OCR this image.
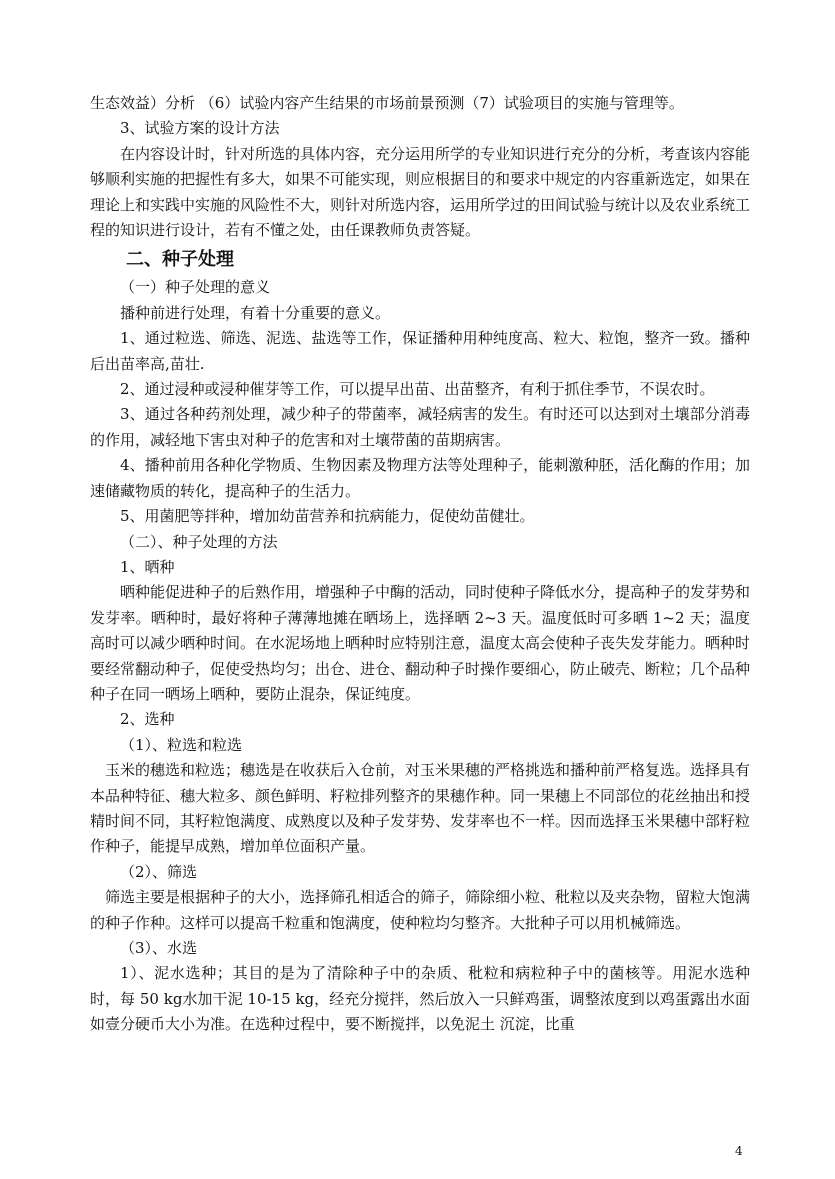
生态效益）分析 （6）试验内容产生结果的市场前景预测（7）试验项目的实施与管理等。

3、试验方案的设计方法

在内容设计时，针对所选的具体内容，充分运用所学的专业知识进行充分的分析，考查该内容能够顺利实施的把握性有多大，如果不可能实现，则应根据目的和要求中规定的内容重新选定，如果在理论上和实践中实施的风险性不大，则针对所选内容，运用所学过的田间试验与统计以及农业系统工程的知识进行设计，若有不懂之处，由任课教师负责答疑。

二、种子处理

（一）种子处理的意义

播种前进行处理，有着十分重要的意义。

1、通过粒选、筛选、泥选、盐选等工作，保证播种用种纯度高、粒大、粒饱，整齐一致。播种后出苗率高,苗壮.

2、通过浸种或浸种催芽等工作，可以提早出苗、出苗整齐，有利于抓住季节，不误农时。

3、通过各种药剂处理，减少种子的带菌率，减轻病害的发生。有时还可以达到对土壤部分消毒的作用，减轻地下害虫对种子的危害和对土壤带菌的苗期病害。

4、播种前用各种化学物质、生物因素及物理方法等处理种子，能刺激种胚，活化酶的作用；加速储藏物质的转化，提高种子的生活力。

5、用菌肥等拌种，增加幼苗营养和抗病能力，促使幼苗健壮。

（二）、种子处理的方法

1、晒种

晒种能促进种子的后熟作用，增强种子中酶的活动，同时使种子降低水分，提高种子的发芽势和发芽率。晒种时，最好将种子薄薄地摊在晒场上，选择晒 2~3 天。温度低时可多晒 1~2 天；温度高时可以减少晒种时间。在水泥场地上晒种时应特别注意，温度太高会使种子丧失发芽能力。晒种时要经常翻动种子，促使受热均匀；出仓、进仓、翻动种子时操作要细心，防止破壳、断粒；几个品种种子在同一晒场上晒种，要防止混杂，保证纯度。

2、选种

（1）、粒选和粒选

玉米的穗选和粒选；穗选是在收获后入仓前，对玉米果穗的严格挑选和播种前严格复选。选择具有本品种特征、穗大粒多、颜色鲜明、籽粒排列整齐的果穗作种。同一果穗上不同部位的花丝抽出和授精时间不同，其籽粒饱满度、成熟度以及种子发芽势、发芽率也不一样。因而选择玉米果穗中部籽粒作种子，能提早成熟，增加单位面积产量。

（2）、筛选

筛选主要是根据种子的大小，选择筛孔相适合的筛子，筛除细小粒、秕粒以及夹杂物，留粒大饱满的种子作种。这样可以提高千粒重和饱满度，使种粒均匀整齐。大批种子可以用机械筛选。

（3）、水选

1）、泥水选种；其目的是为了清除种子中的杂质、秕粒和病粒种子中的菌核等。用泥水选种时，每 50 kg水加干泥 10-15 kg，经充分搅拌，然后放入一只鲜鸡蛋，调整浓度到以鸡蛋露出水面如壹分硬币大小为准。在选种过程中，要不断搅拌，以免泥土 沉淀，比重

4
